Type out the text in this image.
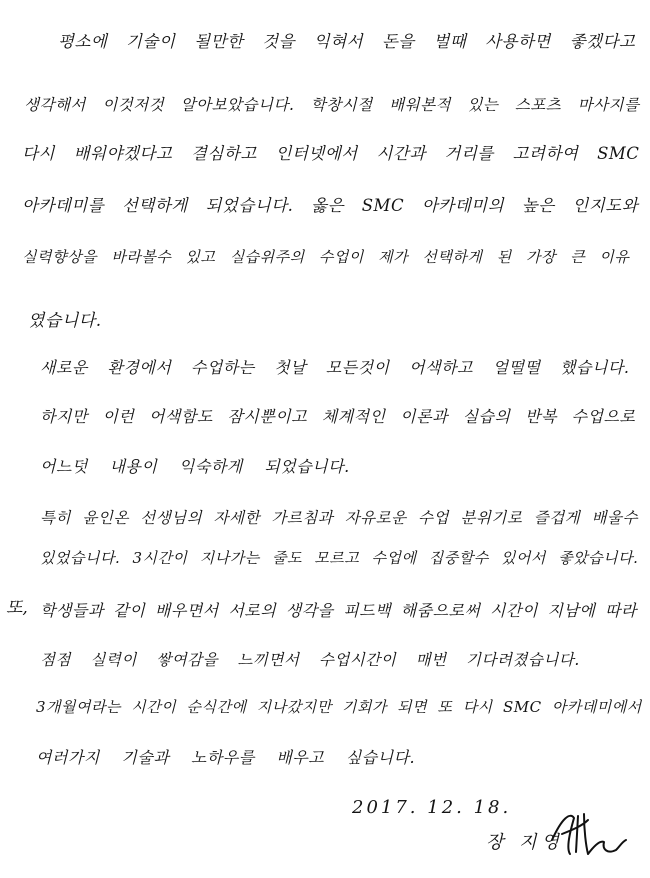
평소에 기술이 될만한 것을 익혀서 돈을 벌때 사용하면 좋겠다고
생각해서 이것저것 알아보았습니다. 학창시절 배워본적 있는 스포츠 마사지를
다시 배워야겠다고 결심하고 인터넷에서 시간과 거리를 고려하여 SMC
아카데미를 선택하게 되었습니다. 옳은 SMC 아카데미의 높은 인지도와
실력향상을 바라볼수 있고 실습위주의 수업이 제가 선택하게 된 가장 큰 이유
였습니다.
새로운 환경에서 수업하는 첫날 모든것이 어색하고 얼떨떨 했습니다.
하지만 이런 어색함도 잠시뿐이고 체계적인 이론과 실습의 반복 수업으로
어느덧 내용이 익숙하게 되었습니다.
특히 윤인온 선생님의 자세한 가르침과 자유로운 수업 분위기로 즐겁게 배울수
있었습니다. 3시간이 지나가는 줄도 모르고 수업에 집중할수 있어서 좋았습니다.
또, 학생들과 같이 배우면서 서로의 생각을 피드백 해줌으로써 시간이 지남에 따라
점점 실력이 쌓여감을 느끼면서 수업시간이 매번 기다려졌습니다.
3개월여라는 시간이 순식간에 지나갔지만 기회가 되면 또 다시 SMC 아카데미에서
여러가지 기술과 노하우를 배우고 싶습니다.
2017. 12. 18.
장 지영
